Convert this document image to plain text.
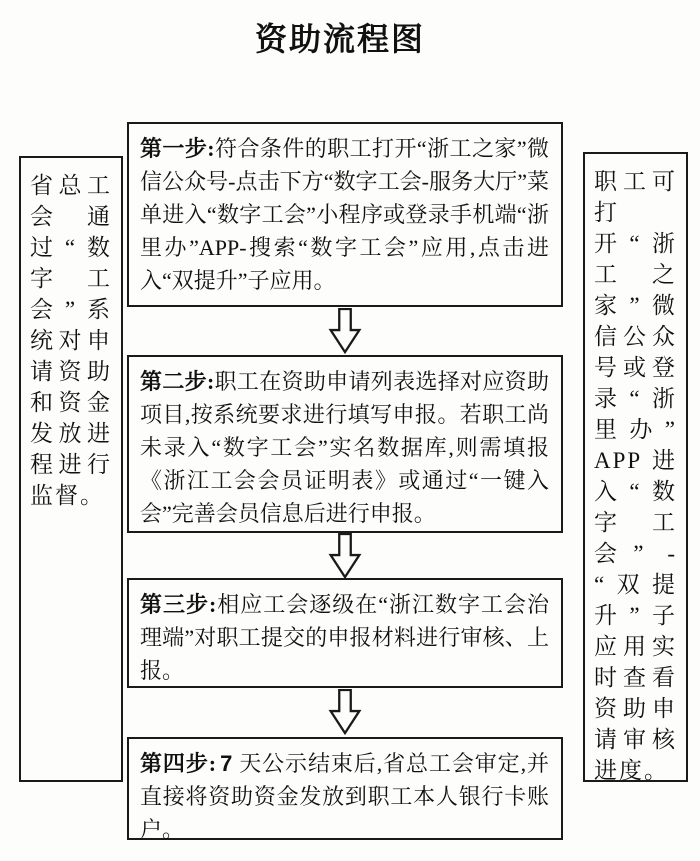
资助流程图
省总工会通过“数字工会”系统对申请资助和资金发放进程进行监督。
第一步:符合条件的职工打开“浙工之家”微信公众号-点击下方“数字工会-服务大厅”菜单进入“数字工会”小程序或登录手机端“浙里办”APP-搜索“数字工会”应用,点击进入“双提升”子应用。
第二步:职工在资助申请列表选择对应资助项目,按系统要求进行填写申报。若职工尚未录入“数字工会”实名数据库,则需填报《浙江工会会员证明表》或通过“一键入会”完善会员信息后进行申报。
第三步:相应工会逐级在“浙江数字工会治理端”对职工提交的申报材料进行审核、上报。
第四步: 7 天公示结束后,省总工会审定,并直接将资助资金发放到职工本人银行卡账户。
职工可打开“浙工之家”微信公众号或登录“浙里办” APP 进入“数字工会” - “双提升”子应用实时查看资助申请审核进度。
